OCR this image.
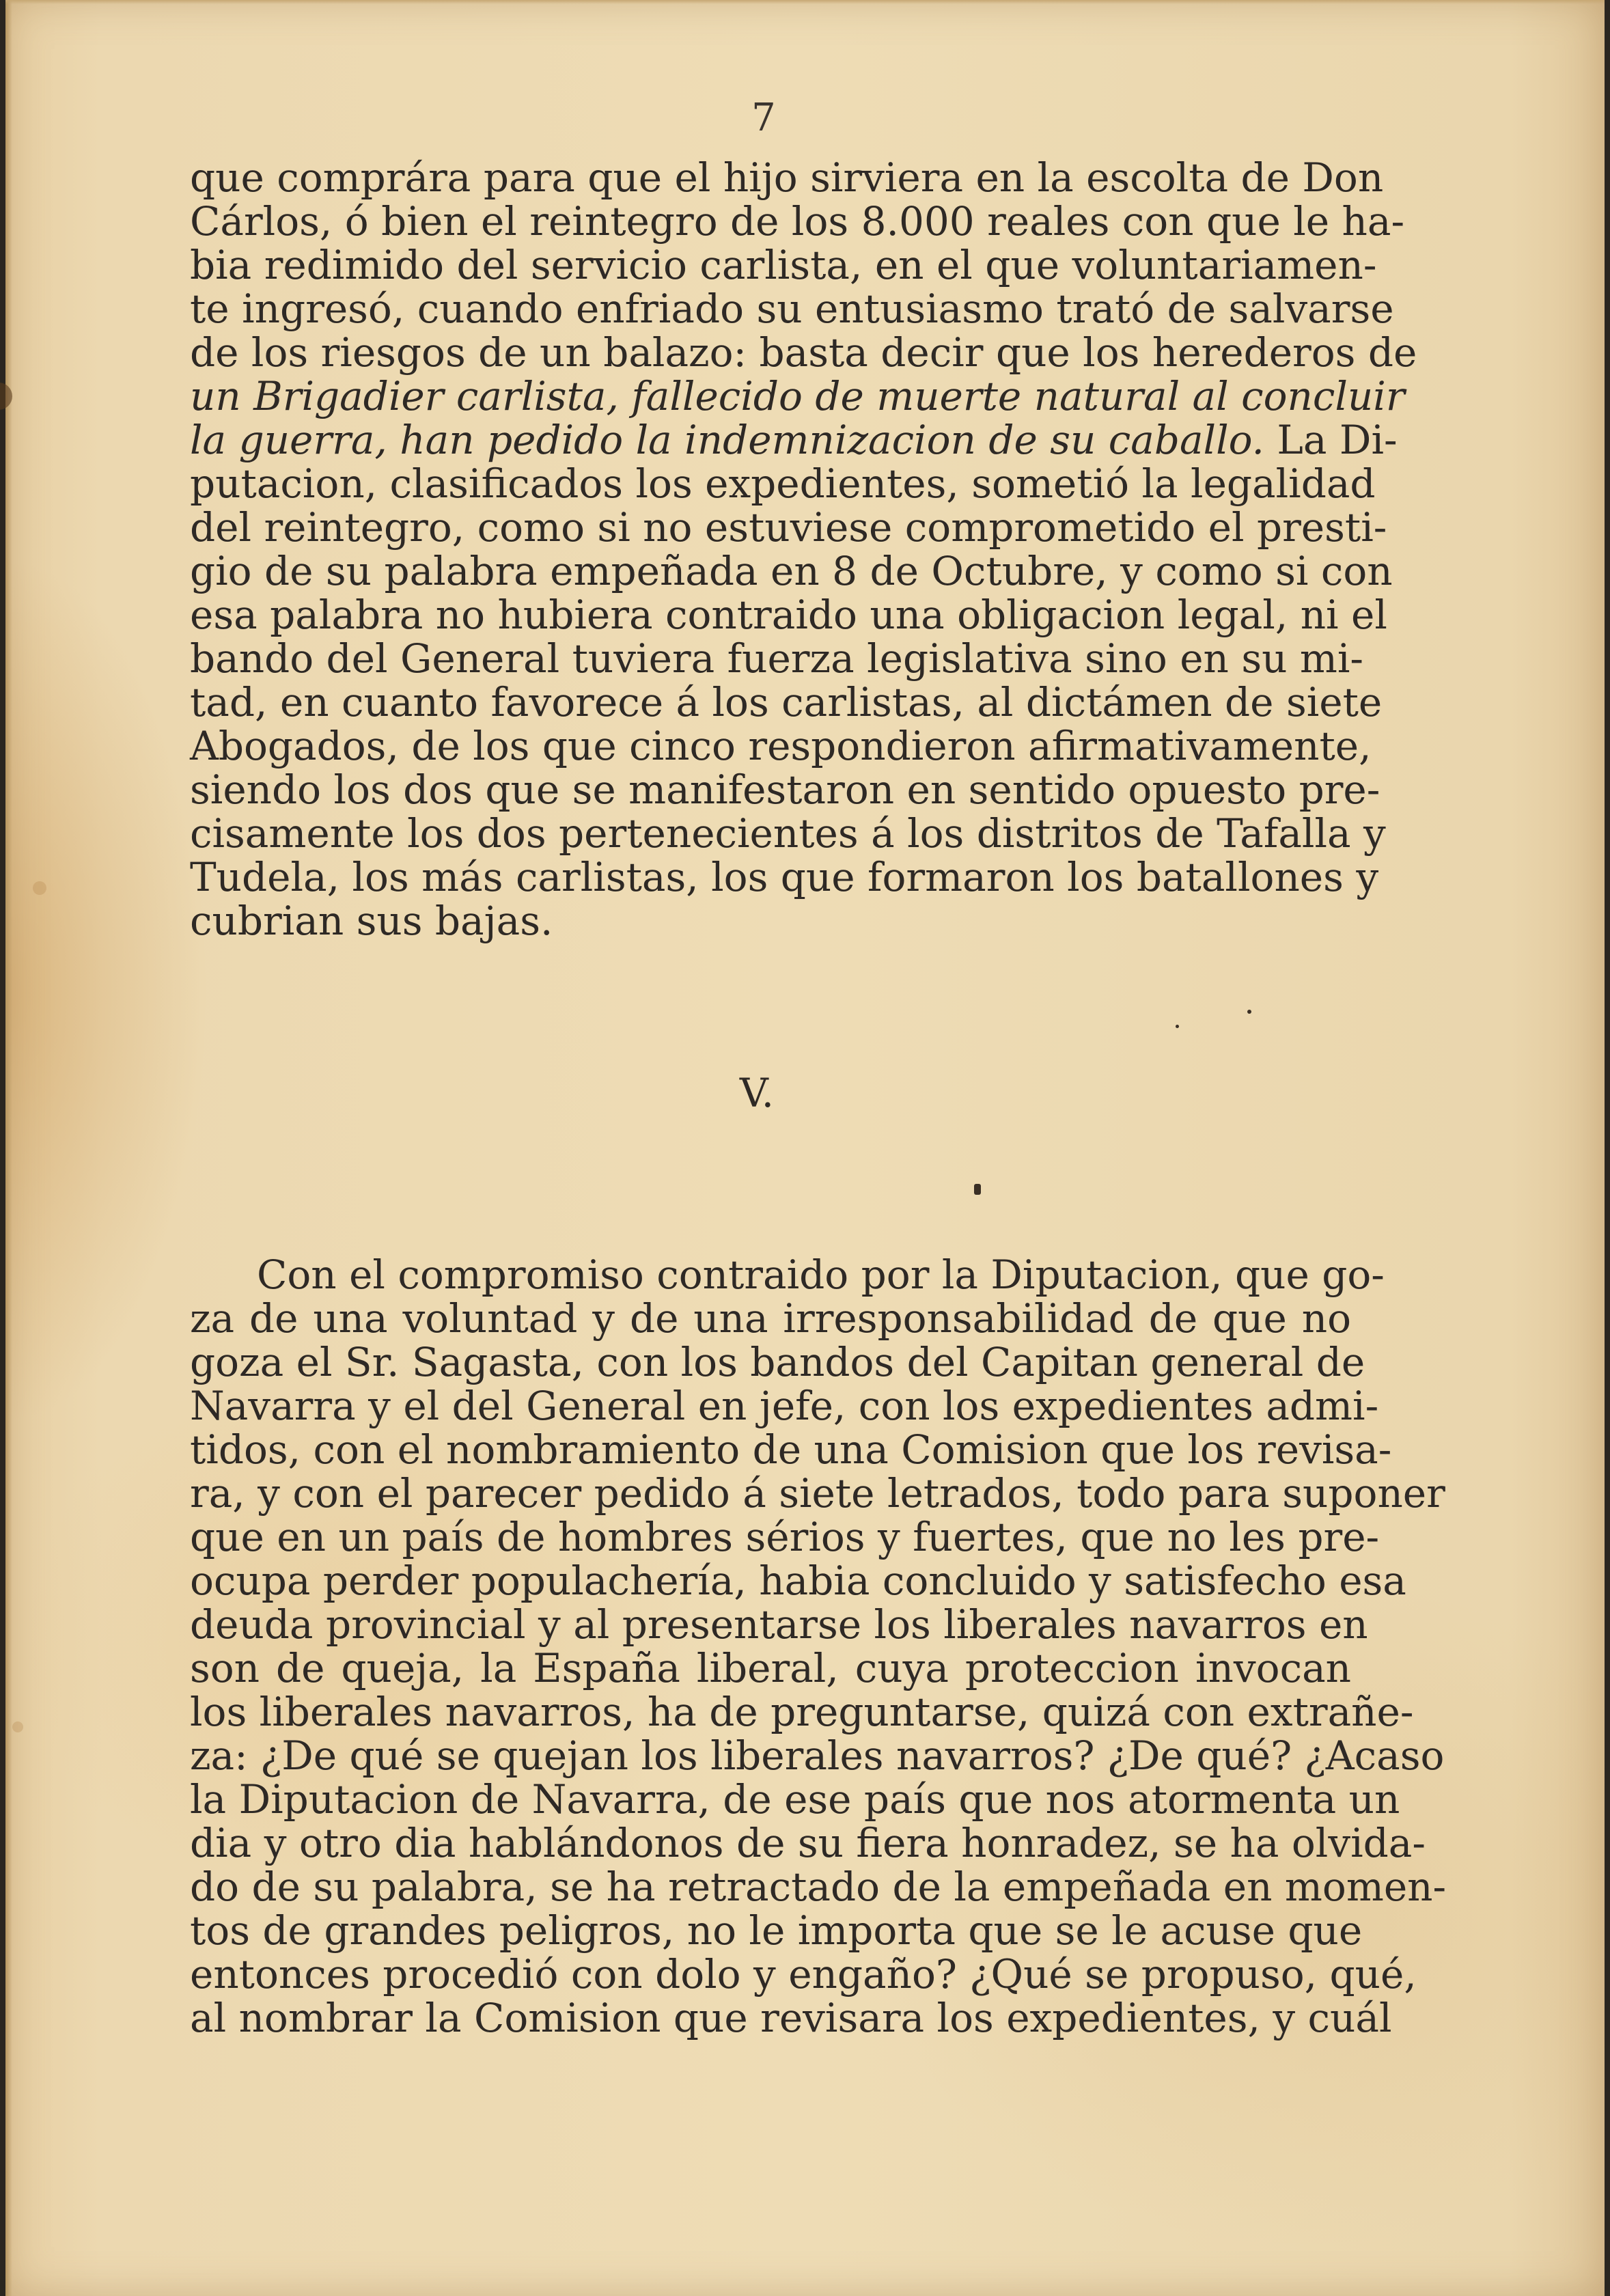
7
que comprára para que el hijo sirviera en la escolta de Don
Cárlos, ó bien el reintegro de los 8.000 reales con que le ha-
bia redimido del servicio carlista, en el que voluntariamen-
te ingresó, cuando enfriado su entusiasmo trató de salvarse
de los riesgos de un balazo: basta decir que los herederos de
un Brigadier carlista, fallecido de muerte natural al concluir
la guerra, han pedido la indemnizacion de su caballo. La Di-
putacion, clasificados los expedientes, sometió la legalidad
del reintegro, como si no estuviese comprometido el presti-
gio de su palabra empeñada en 8 de Octubre, y como si con
esa palabra no hubiera contraido una obligacion legal, ni el
bando del General tuviera fuerza legislativa sino en su mi-
tad, en cuanto favorece á los carlistas, al dictámen de siete
Abogados, de los que cinco respondieron afirmativamente,
siendo los dos que se manifestaron en sentido opuesto pre-
cisamente los dos pertenecientes á los distritos de Tafalla y
Tudela, los más carlistas, los que formaron los batallones y
cubrian sus bajas.
V.
Con el compromiso contraido por la Diputacion, que go-
za de una voluntad y de una irresponsabilidad de que no
goza el Sr. Sagasta, con los bandos del Capitan general de
Navarra y el del General en jefe, con los expedientes admi-
tidos, con el nombramiento de una Comision que los revisa-
ra, y con el parecer pedido á siete letrados, todo para suponer
que en un país de hombres sérios y fuertes, que no les pre-
ocupa perder populachería, habia concluido y satisfecho esa
deuda provincial y al presentarse los liberales navarros en
son de queja, la España liberal, cuya proteccion invocan
los liberales navarros, ha de preguntarse, quizá con extrañe-
za: ¿De qué se quejan los liberales navarros? ¿De qué? ¿Acaso
la Diputacion de Navarra, de ese país que nos atormenta un
dia y otro dia hablándonos de su fiera honradez, se ha olvida-
do de su palabra, se ha retractado de la empeñada en momen-
tos de grandes peligros, no le importa que se le acuse que
entonces procedió con dolo y engaño? ¿Qué se propuso, qué,
al nombrar la Comision que revisara los expedientes, y cuál
